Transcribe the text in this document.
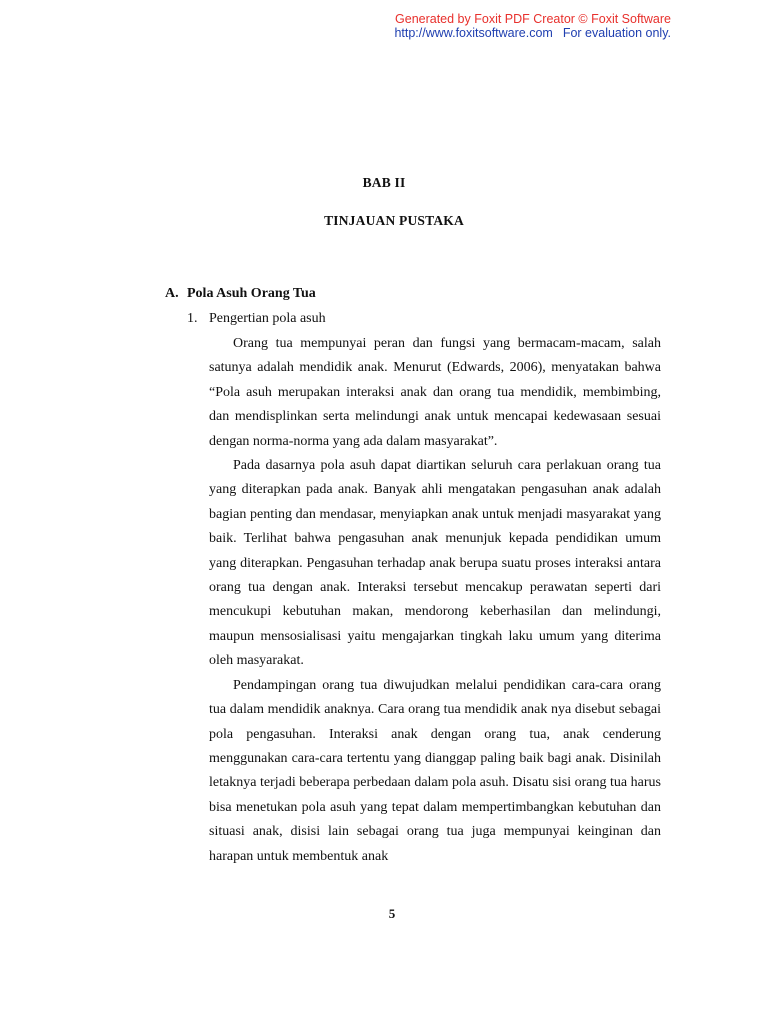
Generated by Foxit PDF Creator © Foxit Software
http://www.foxitsoftware.com For evaluation only.
BAB II
TINJAUAN PUSTAKA
A. Pola Asuh Orang Tua
1. Pengertian pola asuh

Orang tua mempunyai peran dan fungsi yang bermacam-macam, salah satunya adalah mendidik anak. Menurut (Edwards, 2006), menyatakan bahwa “Pola asuh merupakan interaksi anak dan orang tua mendidik, membimbing, dan mendisplinkan serta melindungi anak untuk mencapai kedewasaan sesuai dengan norma-norma yang ada dalam masyarakat”.

Pada dasarnya pola asuh dapat diartikan seluruh cara perlakuan orang tua yang diterapkan pada anak. Banyak ahli mengatakan pengasuhan anak adalah bagian penting dan mendasar, menyiapkan anak untuk menjadi masyarakat yang baik. Terlihat bahwa pengasuhan anak menunjuk kepada pendidikan umum yang diterapkan. Pengasuhan terhadap anak berupa suatu proses interaksi antara orang tua dengan anak. Interaksi tersebut mencakup perawatan seperti dari mencukupi kebutuhan makan, mendorong keberhasilan dan melindungi, maupun mensosialisasi yaitu mengajarkan tingkah laku umum yang diterima oleh masyarakat.

Pendampingan orang tua diwujudkan melalui pendidikan cara-cara orang tua dalam mendidik anaknya. Cara orang tua mendidik anak nya disebut sebagai pola pengasuhan. Interaksi anak dengan orang tua, anak cenderung menggunakan cara-cara tertentu yang dianggap paling baik bagi anak. Disinilah letaknya terjadi beberapa perbedaan dalam pola asuh. Disatu sisi orang tua harus bisa menetukan pola asuh yang tepat dalam mempertimbangkan kebutuhan dan situasi anak, disisi lain sebagai orang tua juga mempunyai keinginan dan harapan untuk membentuk anak

5
